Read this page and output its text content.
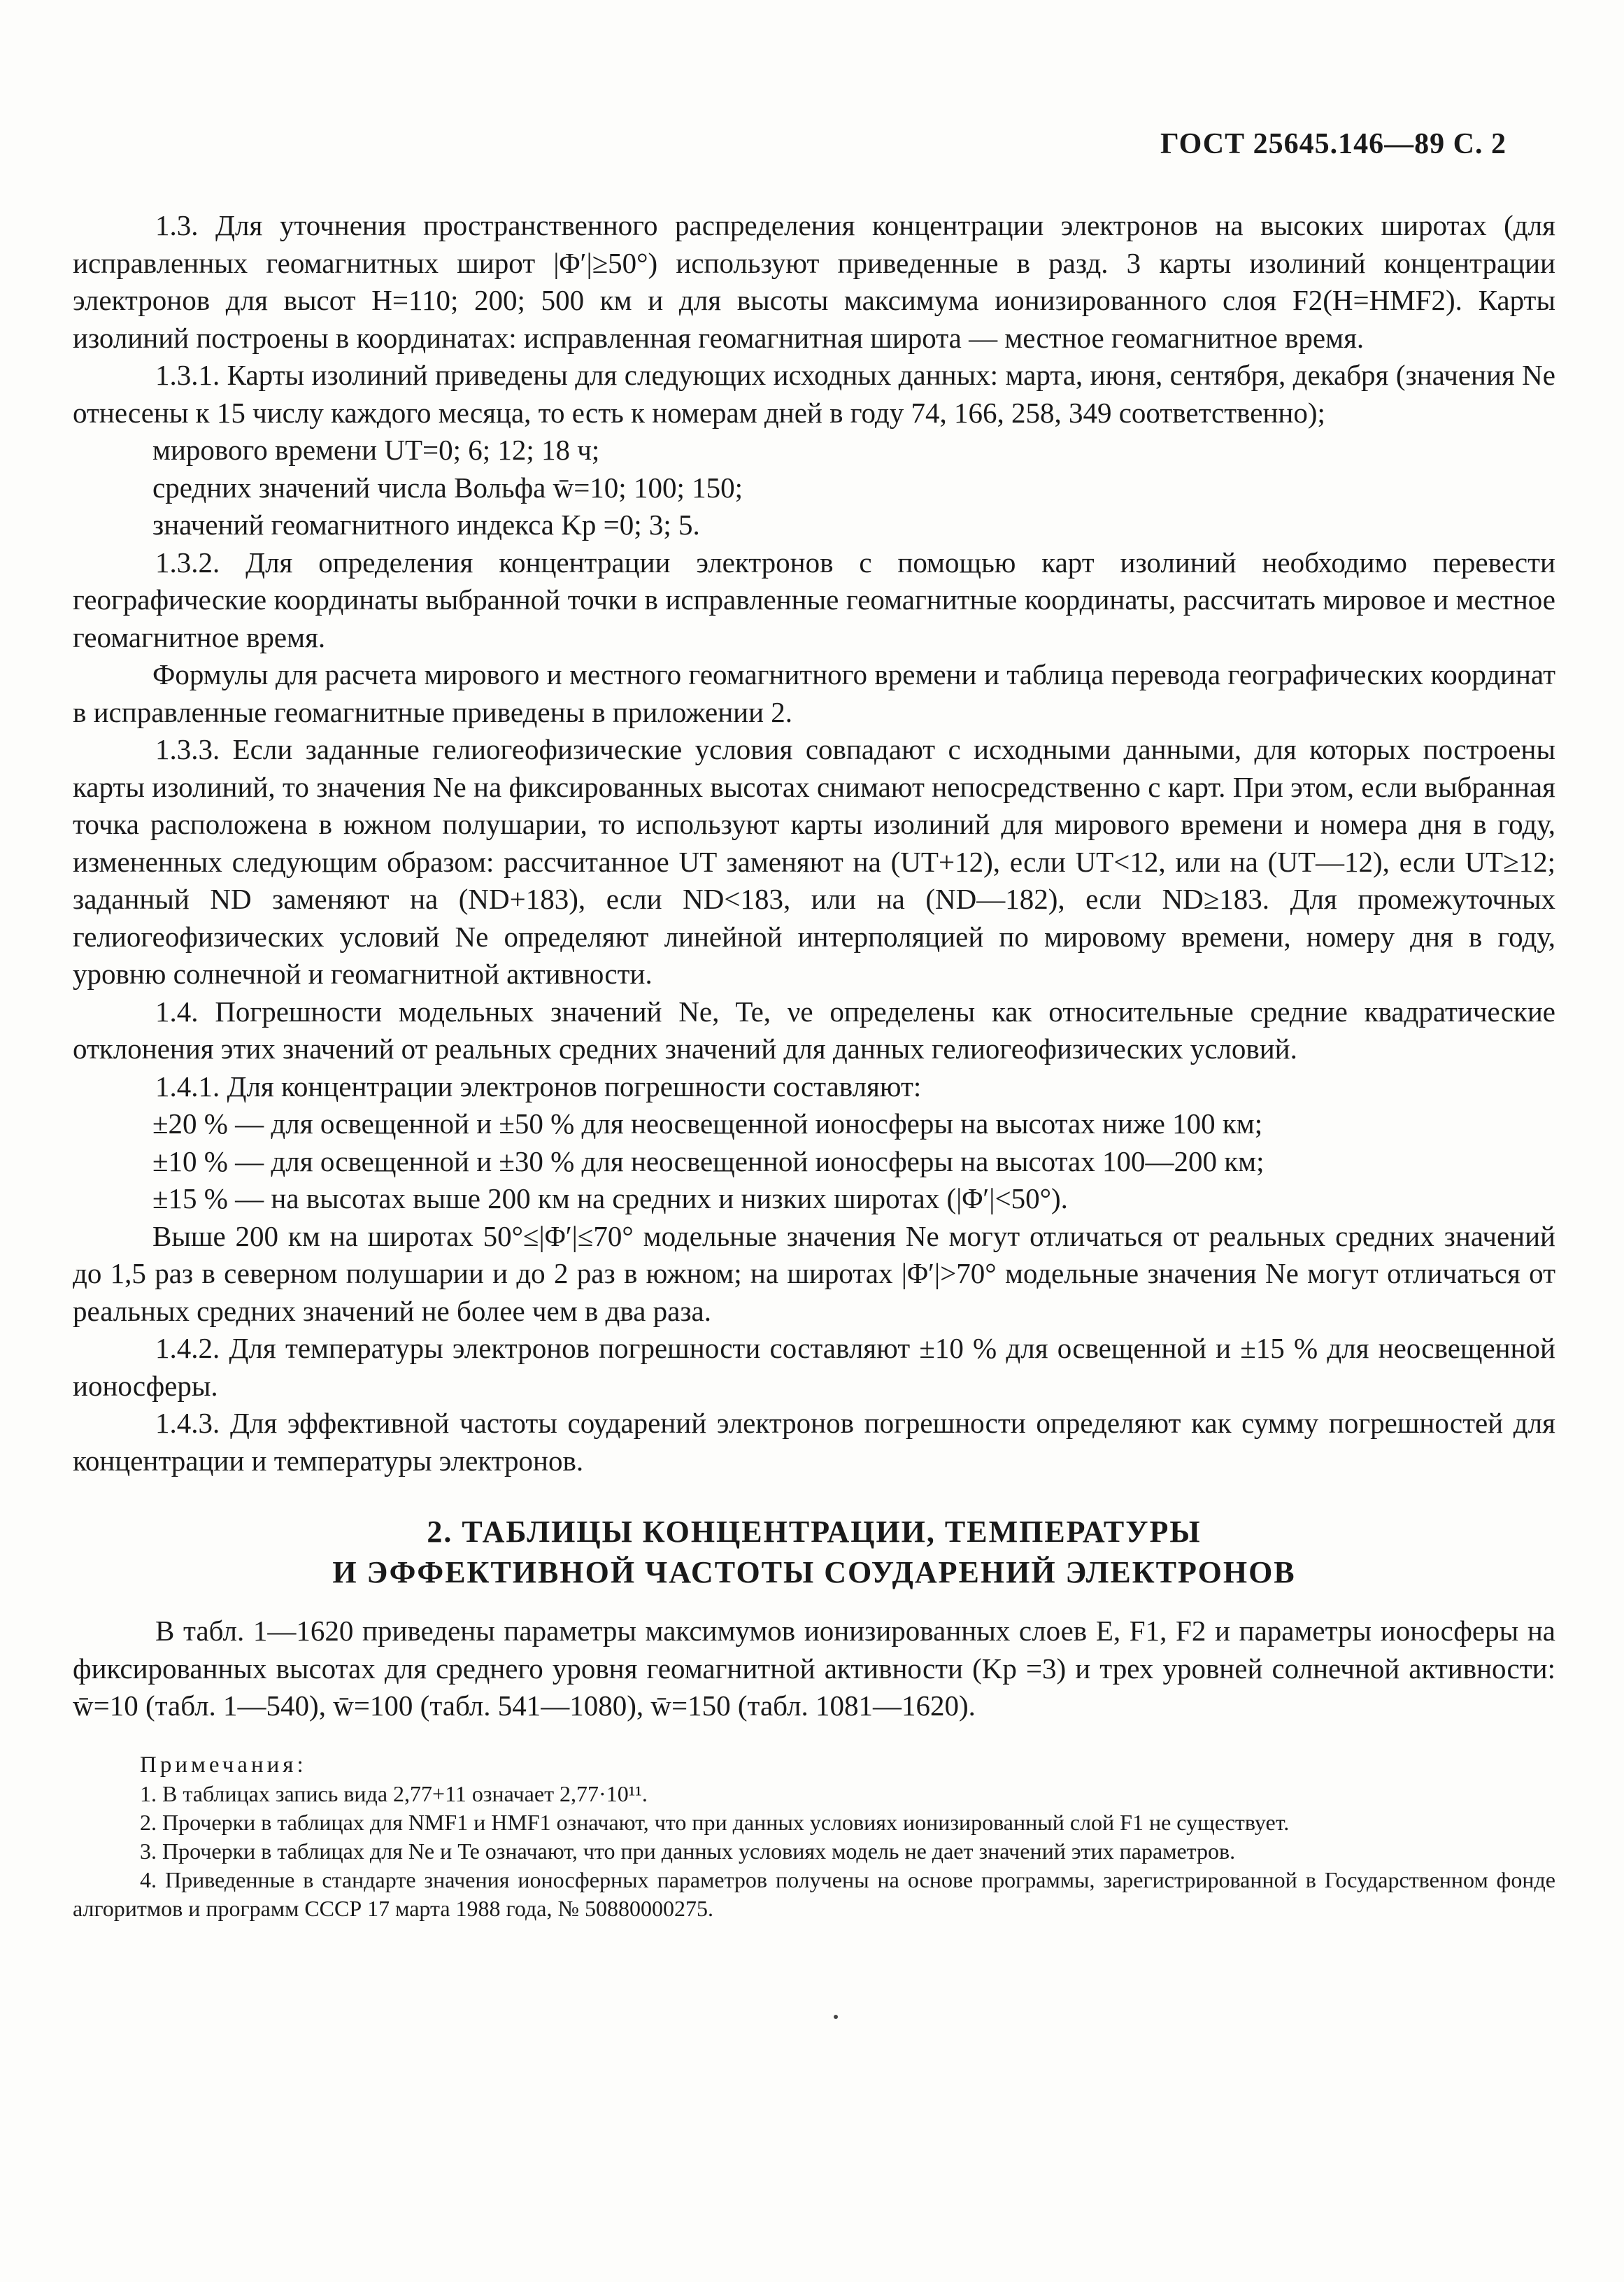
ГОСТ 25645.146—89 С. 2

1.3. Для уточнения пространственного распределения концентрации электронов на высоких широтах (для исправленных геомагнитных широт |Φ′|≥50°) используют приведенные в разд. 3 карты изолиний концентрации электронов для высот H=110; 200; 500 км и для высоты максимума ионизированного слоя F2(H=HMF2). Карты изолиний построены в координатах: исправленная геомагнитная широта — местное геомагнитное время.

1.3.1. Карты изолиний приведены для следующих исходных данных: марта, июня, сентября, декабря (значения Ne отнесены к 15 числу каждого месяца, то есть к номерам дней в году 74, 166, 258, 349 соответственно);

мирового времени UT=0; 6; 12; 18 ч;

средних значений числа Вольфа w̄=10; 100; 150;

значений геомагнитного индекса Kp =0; 3; 5.

1.3.2. Для определения концентрации электронов с помощью карт изолиний необходимо перевести географические координаты выбранной точки в исправленные геомагнитные координаты, рассчитать мировое и местное геомагнитное время.

Формулы для расчета мирового и местного геомагнитного времени и таблица перевода географических координат в исправленные геомагнитные приведены в приложении 2.

1.3.3. Если заданные гелиогеофизические условия совпадают с исходными данными, для которых построены карты изолиний, то значения Ne на фиксированных высотах снимают непосредственно с карт. При этом, если выбранная точка расположена в южном полушарии, то используют карты изолиний для мирового времени и номера дня в году, измененных следующим образом: рассчитанное UT заменяют на (UT+12), если UT<12, или на (UT—12), если UT≥12; заданный ND заменяют на (ND+183), если ND<183, или на (ND—182), если ND≥183. Для промежуточных гелиогеофизических условий Ne определяют линейной интерполяцией по мировому времени, номеру дня в году, уровню солнечной и геомагнитной активности.

1.4. Погрешности модельных значений Ne, Te, νe определены как относительные средние квадратические отклонения этих значений от реальных средних значений для данных гелиогеофизических условий.

1.4.1. Для концентрации электронов погрешности составляют:

±20 % — для освещенной и ±50 % для неосвещенной ионосферы на высотах ниже 100 км;

±10 % — для освещенной и ±30 % для неосвещенной ионосферы на высотах 100—200 км;

±15 % — на высотах выше 200 км на средних и низких широтах (|Φ′|<50°).

Выше 200 км на широтах 50°≤|Φ′|≤70° модельные значения Ne могут отличаться от реальных средних значений до 1,5 раз в северном полушарии и до 2 раз в южном; на широтах |Φ′|>70° модельные значения Ne могут отличаться от реальных средних значений не более чем в два раза.

1.4.2. Для температуры электронов погрешности составляют ±10 % для освещенной и ±15 % для неосвещенной ионосферы.

1.4.3. Для эффективной частоты соударений электронов погрешности определяют как сумму погрешностей для концентрации и температуры электронов.

2. ТАБЛИЦЫ КОНЦЕНТРАЦИИ, ТЕМПЕРАТУРЫ
И ЭФФЕКТИВНОЙ ЧАСТОТЫ СОУДАРЕНИЙ ЭЛЕКТРОНОВ

В табл. 1—1620 приведены параметры максимумов ионизированных слоев E, F1, F2 и параметры ионосферы на фиксированных высотах для среднего уровня геомагнитной активности (Kp =3) и трех уровней солнечной активности: w̄=10 (табл. 1—540), w̄=100 (табл. 541—1080), w̄=150 (табл. 1081—1620).

Примечания:

1. В таблицах запись вида 2,77+11 означает 2,77·10¹¹.

2. Прочерки в таблицах для NMF1 и HMF1 означают, что при данных условиях ионизированный слой F1 не существует.

3. Прочерки в таблицах для Ne и Te означают, что при данных условиях модель не дает значений этих параметров.

4. Приведенные в стандарте значения ионосферных параметров получены на основе программы, зарегистрированной в Государственном фонде алгоритмов и программ СССР 17 марта 1988 года, № 50880000275.
